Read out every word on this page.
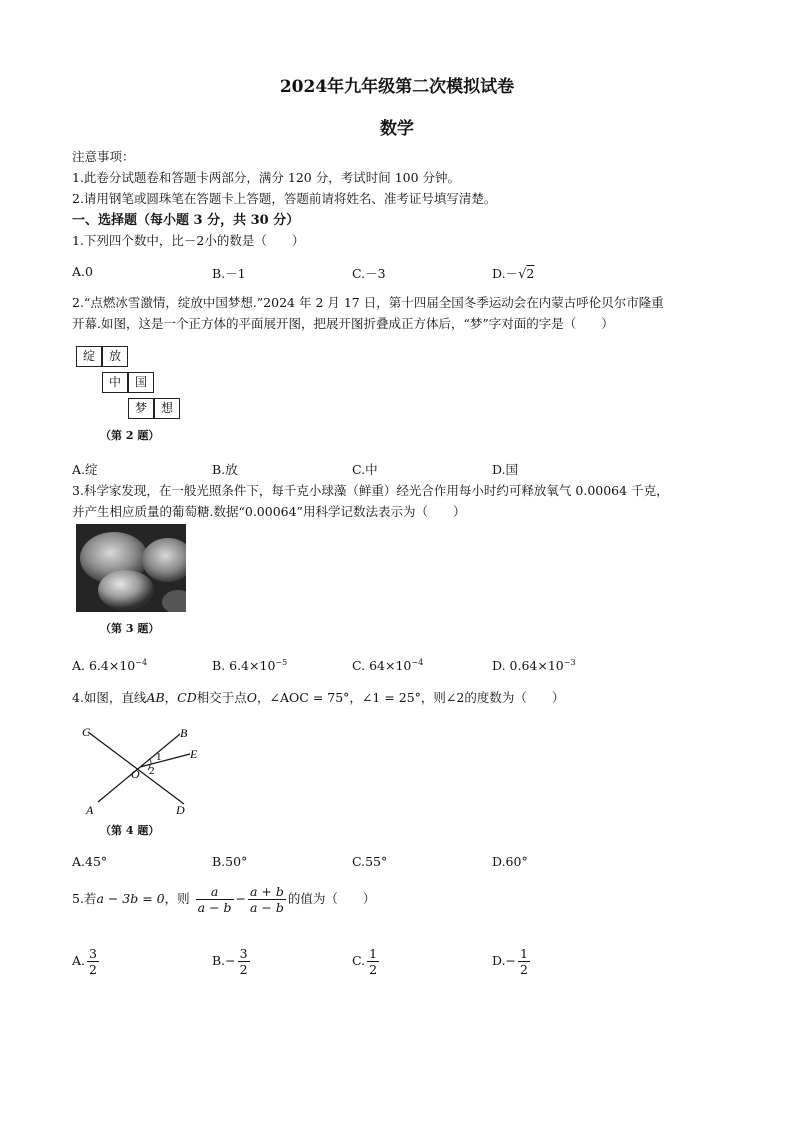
2024年九年级第二次模拟试卷
数学
注意事项：
1.此卷分试题卷和答题卡两部分，满分 120 分，考试时间 100 分钟。
2.请用钢笔或圆珠笔在答题卡上答题，答题前请将姓名、准考证号填写清楚。
一、选择题（每小题 3 分，共 30 分）
1.下列四个数中，比－2小的数是（　　）
A.0	B.－1	C.－3	D.－√2
2.“点燃冰雪激情，绽放中国梦想.”2024 年 2 月 17 日，第十四届全国冬季运动会在内蒙古呼伦贝尔市隆重
开幕.如图，这是一个正方体的平面展开图，把展开图折叠成正方体后，“梦”字对面的字是（　　）
绽	放
中	国
梦	想
（第 2 题）
A.绽	B.放	C.中	D.国
3.科学家发现，在一般光照条件下，每千克小球藻（鲜重）经光合作用每小时约可释放氧气 0.00064 千克，
并产生相应质量的葡萄糖.数据“0.00064”用科学记数法表示为（　　）
（第 3 题）
A. $6.4\times 10^{-4}$	B. $6.4\times 10^{-5}$	C. $64\times 10^{-4}$	D. $0.64\times 10^{-3}$
4.如图，直线AB，CD相交于点O，∠AOC = 75°，∠1 = 25°，则∠2的度数为（　　）
C	B
E
O
1
2
A	D
（第 4 题）
A.45°	B.50°	C.55°	D.60°
5.若a − 3b = 0，则 $\frac{a}{a - b} - \frac{a + b}{a - b}$ 的值为（　　）
A. $\frac{3}{2}$	$B.- \frac{3}{2}$	C. $\frac{1}{2}$	$D.- \frac{1}{2}$
